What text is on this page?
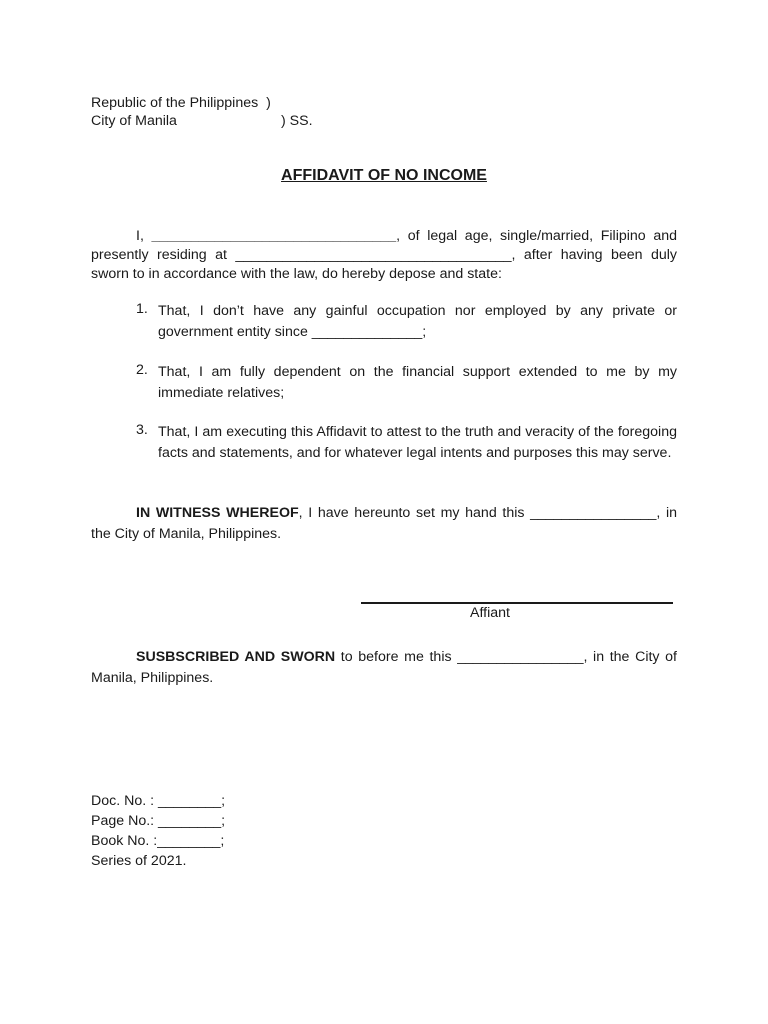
Republic of the Philippines  )
City of Manila	) SS.
AFFIDAVIT OF NO INCOME
I, _______________________________, of legal age, single/married, Filipino and presently residing at ___________________________________, after having been duly sworn to in accordance with the law, do hereby depose and state:
1. That, I don’t have any gainful occupation nor employed by any private or government entity since ______________;
2. That, I am fully dependent on the financial support extended to me by my immediate relatives;
3. That, I am executing this Affidavit to attest to the truth and veracity of the foregoing facts and statements, and for whatever legal intents and purposes this may serve.
IN WITNESS WHEREOF, I have hereunto set my hand this ________________, in the City of Manila, Philippines.
Affiant
SUSBSCRIBED AND SWORN to before me this ________________, in the City of Manila, Philippines.
Doc. No. : ________;
Page No.: ________;
Book No. :________;
Series of 2021.
